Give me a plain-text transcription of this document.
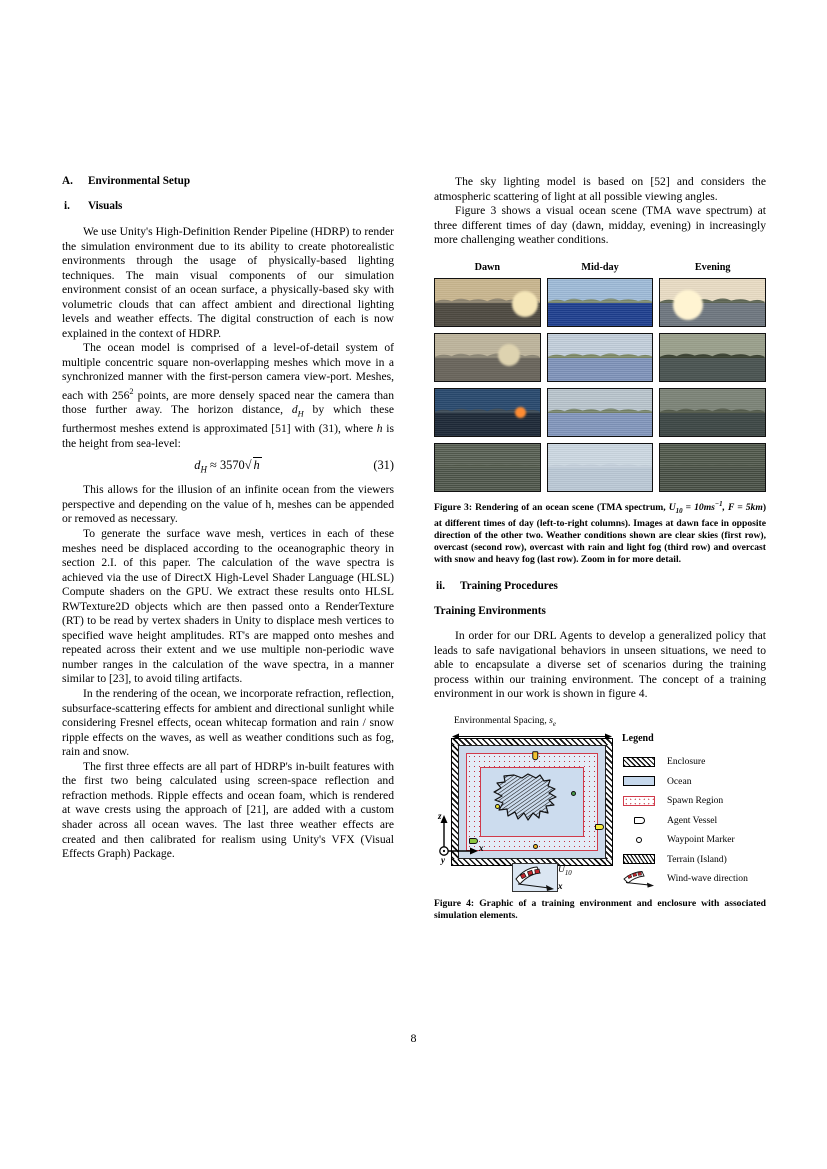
A.	Environmental Setup
i.	Visuals

We use Unity's High-Definition Render Pipeline (HDRP) to render the simulation environment due to its ability to create photorealistic environments through the usage of physically-based lighting techniques. The main visual components of our simulation environment consist of an ocean surface, a physically-based sky with volumetric clouds that can affect ambient and directional lighting levels and weather effects. The digital construction of each is now explained in the context of HDRP.

The ocean model is comprised of a level-of-detail system of multiple concentric square non-overlapping meshes which move in a synchronized manner with the first-person camera view-port. Meshes, each with $256^2$ points, are more densely spaced near the camera than those further away. The horizon distance, $d_H$ by which these furthermost meshes extend is approximated [51] with (31), where h is the height from sea-level:

$d_H \approx 3570√$ h	(31)

This allows for the illusion of an infinite ocean from the viewers perspective and depending on the value of h, meshes can be appended or removed as necessary.

To generate the surface wave mesh, vertices in each of these meshes need be displaced according to the oceanographic theory in section 2.I. of this paper. The calculation of the wave spectra is achieved via the use of DirectX High-Level Shader Language (HLSL) Compute shaders on the GPU. We extract these results onto HLSL RWTexture2D objects which are then passed onto a RenderTexture (RT) to be read by vertex shaders in Unity to displace mesh vertices to specified wave height amplitudes. RT's are mapped onto meshes and repeated across their extent and we use multiple non-periodic wave number ranges in the calculation of the wave spectra, in a manner similar to [23], to avoid tiling artifacts.

In the rendering of the ocean, we incorporate refraction, reflection, subsurface-scattering effects for ambient and directional sunlight while considering Fresnel effects, ocean whitecap formation and rain / snow ripple effects on the waves, as well as weather conditions such as fog, rain and snow.

The first three effects are all part of HDRP's in-built features with the first two being calculated using screen-space reflection and refraction methods. Ripple effects and ocean foam, which is rendered at wave crests using the approach of [21], are added with a custom shader across all ocean waves. The last three weather effects are created and then calibrated for realism using Unity's VFX (Visual Effects Graph) Package.

The sky lighting model is based on [52] and considers the atmospheric scattering of light at all possible viewing angles.

Figure 3 shows a visual ocean scene (TMA wave spectrum) at three different times of day (dawn, midday, evening) in increasingly more challenging weather conditions.

Dawn	Mid-day	Evening

Figure 3: Rendering of an ocean scene (TMA spectrum, $U_{10} = 10ms^{-1}$, F = 5km) at different times of day (left-to-right columns). Images at dawn face in opposite direction of the other two. Weather conditions shown are clear skies (first row), overcast (second row), overcast with rain and light fog (third row) and overcast with snow and heavy fog (last row). Zoom in for more detail.

ii.	Training Procedures
Training Environments

In order for our DRL Agents to develop a generalized policy that leads to safe navigational behaviors in unseen situations, we need to able to encapsulate a diverse set of scenarios during the training process within our training environment. The concept of a training environment in our work is shown in figure 4.

Environmental Spacing, $s_e$
z
x
y
$U_{10}$
x
Legend
Enclosure
Ocean
Spawn Region
Agent Vessel
Waypoint Marker
Terrain (Island)
Wind-wave direction

Figure 4: Graphic of a training environment and enclosure with associated simulation elements.

8
